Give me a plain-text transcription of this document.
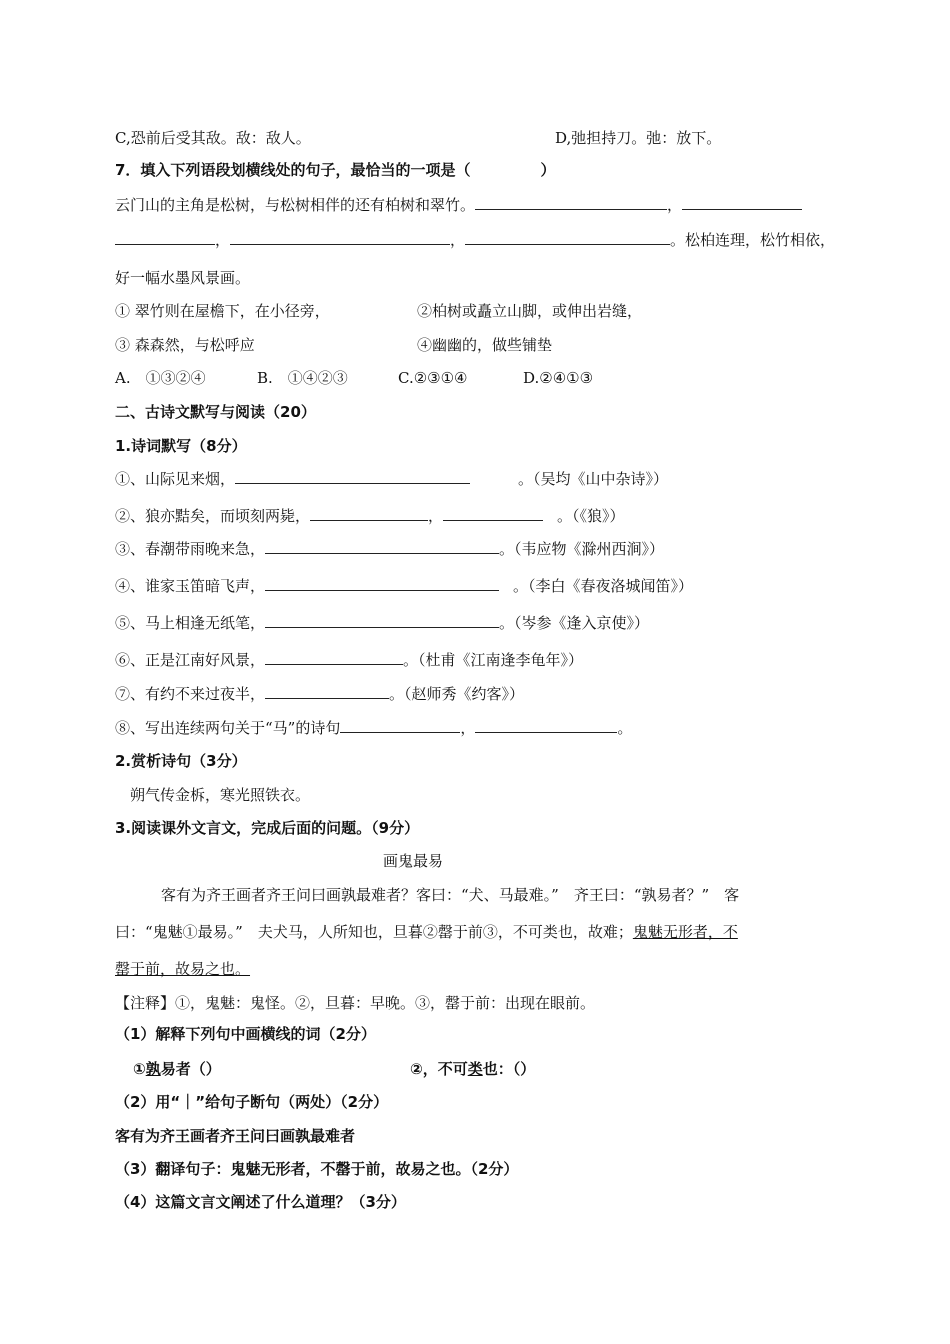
C,恐前后受其敌。敌：敌人。	D,弛担持刀。弛：放下。
7．填入下列语段划横线处的句子，最恰当的一项是（	）
云门山的主角是松树，与松树相伴的还有柏树和翠竹。	，
，	，	。松柏连理，松竹相依，
好一幅水墨风景画。
① 翠竹则在屋檐下，在小径旁，	②柏树或矗立山脚，或伸出岩缝，
③ 森森然，与松呼应	④幽幽的，做些铺垫
A.　①③②④	B.　①④②③	C.②③①④	D.②④①③
二、古诗文默写与阅读（20）
1.诗词默写（8分）
①、山际见来烟，	。（吴均《山中杂诗》）
②、狼亦黠矣，而顷刻两毙，	，	。（《狼》）
③、春潮带雨晚来急，	。（韦应物《滁州西涧》）
④、谁家玉笛暗飞声，	。（李白《春夜洛城闻笛》）
⑤、马上相逢无纸笔，	。（岑参《逢入京使》）
⑥、正是江南好风景，	。（杜甫《江南逢李龟年》）
⑦、有约不来过夜半，	。（赵师秀《约客》）
⑧、写出连续两句关于“马”的诗句	，	。
2.赏析诗句（3分）
朔气传金柝，寒光照铁衣。
3.阅读课外文言文，完成后面的问题。（9分）
画鬼最易
客有为齐王画者齐王问曰画孰最难者？客曰：“犬、马最难。”　齐王曰：“孰易者？”　客
曰：“鬼魅①最易。”　夫犬马，人所知也，旦暮②罄于前③，不可类也，故难；鬼魅无形者，不
罄于前，故易之也。
【注释】①，鬼魅：鬼怪。②，旦暮：早晚。③，罄于前：出现在眼前。
（1）解释下列句中画横线的词（2分）
①孰易者（）	②，不可类也：（）
（2）用“｜”给句子断句（两处）（2分）
客有为齐王画者齐王问曰画孰最难者
（3）翻译句子：鬼魅无形者，不罄于前，故易之也。（2分）
（4）这篇文言文阐述了什么道理？（3分）
